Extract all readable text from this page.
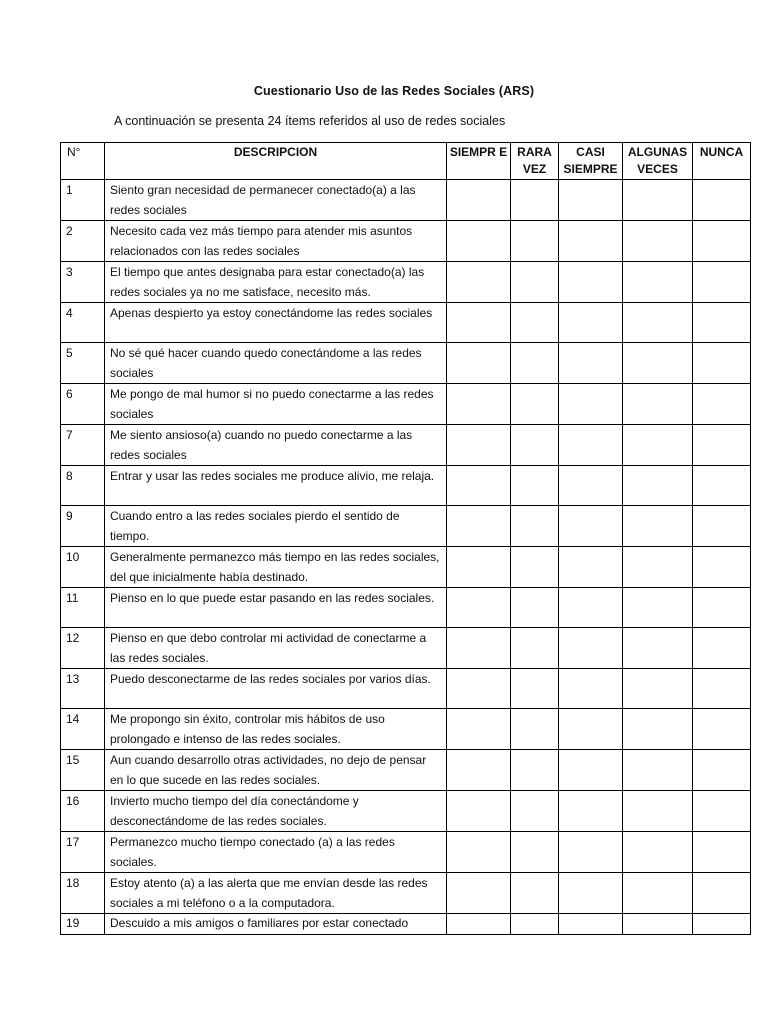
Cuestionario Uso de las Redes Sociales (ARS)
A continuación se presenta 24 ítems referidos al uso de redes sociales
N°	DESCRIPCION	SIEMPR E	RARA VEZ	CASI SIEMPRE	ALGUNAS VECES	NUNCA
1	Siento gran necesidad de permanecer conectado(a) a las redes sociales					
2	Necesito cada vez más tiempo para atender mis asuntos relacionados con las redes sociales					
3	El tiempo que antes designaba para estar conectado(a) las redes sociales ya no me satisface, necesito más.					
4	Apenas despierto ya estoy conectándome las redes sociales					
5	No sé qué hacer cuando quedo conectándome a las redes sociales					
6	Me pongo de mal humor si no puedo conectarme a las redes sociales					
7	Me siento ansioso(a) cuando no puedo conectarme a las redes sociales					
8	Entrar y usar las redes sociales me produce alivio, me relaja.					
9	Cuando entro a las redes sociales pierdo el sentido de tiempo.					
10	Generalmente permanezco más tiempo en las redes sociales, del que inicialmente había destinado.					
11	Pienso en lo que puede estar pasando en las redes sociales.					
12	Pienso en que debo controlar mi actividad de conectarme a las redes sociales.					
13	Puedo desconectarme de las redes sociales por varios días.					
14	Me propongo sin éxito, controlar mis hábitos de uso prolongado e intenso de las redes sociales.					
15	Aun cuando desarrollo otras actividades, no dejo de pensar en lo que sucede en las redes sociales.					
16	Invierto mucho tiempo del día conectándome y desconectándome de las redes sociales.					
17	Permanezco mucho tiempo conectado (a) a las redes sociales.					
18	Estoy atento (a) a las alerta que me envían desde las redes sociales a mi teléfono o a la computadora.					
19	Descuido a mis amigos o familiares por estar conectado					
